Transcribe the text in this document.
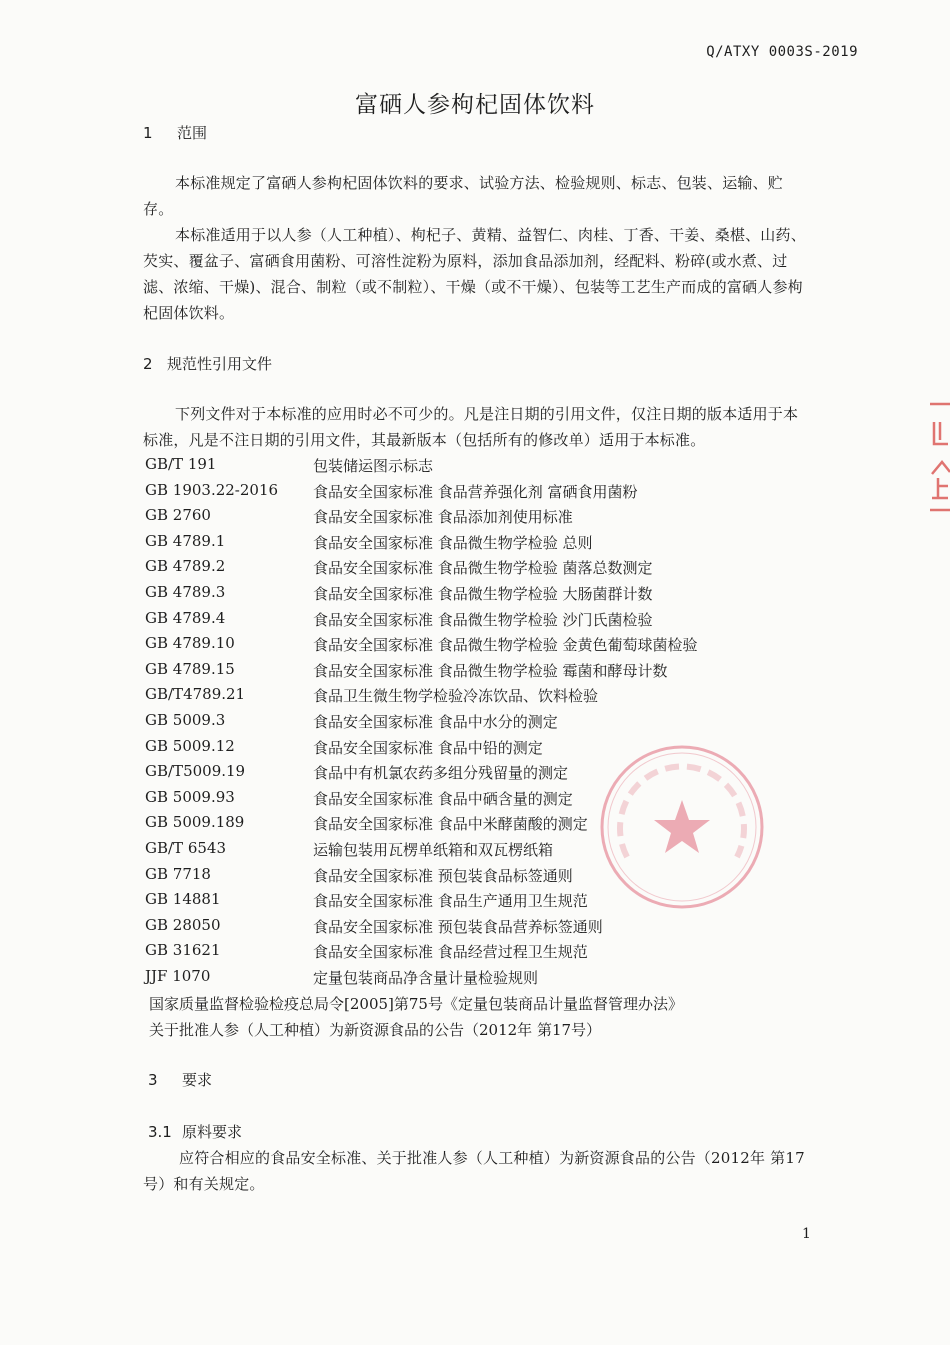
Q/ATXY 0003S-2019
富硒人参枸杞固体饮料
1 范围
本标准规定了富硒人参枸杞固体饮料的要求、试验方法、检验规则、标志、包装、运输、贮存。
本标准适用于以人参（人工种植）、枸杞子、黄精、益智仁、肉桂、丁香、干姜、桑椹、山药、芡实、覆盆子、富硒食用菌粉、可溶性淀粉为原料，添加食品添加剂，经配料、粉碎(或水煮、过滤、浓缩、干燥)、混合、制粒（或不制粒）、干燥（或不干燥）、包装等工艺生产而成的富硒人参枸杞固体饮料。
2 规范性引用文件
下列文件对于本标准的应用时必不可少的。凡是注日期的引用文件，仅注日期的版本适用于本标准，凡是不注日期的引用文件，其最新版本（包括所有的修改单）适用于本标准。
GB/T 191	包装储运图示标志
GB 1903.22-2016 食品安全国家标准 食品营养强化剂 富硒食用菌粉
GB 2760	食品安全国家标准 食品添加剂使用标准
GB 4789.1	食品安全国家标准 食品微生物学检验 总则
GB 4789.2	食品安全国家标准 食品微生物学检验 菌落总数测定
GB 4789.3	食品安全国家标准 食品微生物学检验 大肠菌群计数
GB 4789.4	食品安全国家标准 食品微生物学检验 沙门氏菌检验
GB 4789.10	食品安全国家标准 食品微生物学检验 金黄色葡萄球菌检验
GB 4789.15	食品安全国家标准 食品微生物学检验 霉菌和酵母计数
GB/T4789.21	食品卫生微生物学检验冷冻饮品、饮料检验
GB 5009.3	食品安全国家标准 食品中水分的测定
GB 5009.12	食品安全国家标准 食品中铅的测定
GB/T5009.19	食品中有机氯农药多组分残留量的测定
GB 5009.93	食品安全国家标准 食品中硒含量的测定
GB 5009.189	食品安全国家标准 食品中米酵菌酸的测定
GB/T 6543	运输包装用瓦楞单纸箱和双瓦楞纸箱
GB 7718	食品安全国家标准 预包装食品标签通则
GB 14881	食品安全国家标准 食品生产通用卫生规范
GB 28050	食品安全国家标准 预包装食品营养标签通则
GB 31621	食品安全国家标准 食品经营过程卫生规范
JJF 1070	定量包装商品净含量计量检验规则
国家质量监督检验检疫总局令[2005]第75号《定量包装商品计量监督管理办法》
关于批准人参（人工种植）为新资源食品的公告（2012年 第17号）
3 要求
3.1 原料要求
应符合相应的食品安全标准、关于批准人参（人工种植）为新资源食品的公告（2012年 第17号）和有关规定。
1
